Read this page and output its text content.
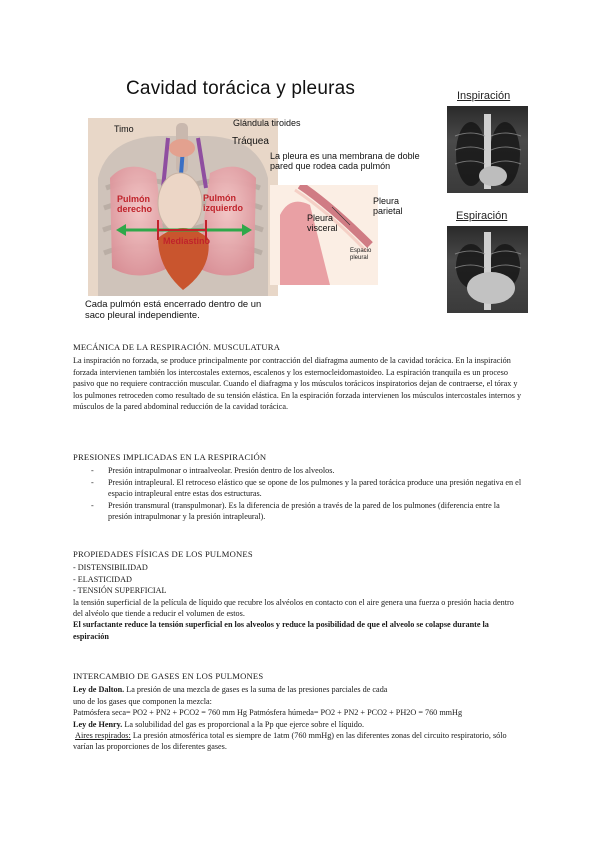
Cavidad torácica y pleuras
Timo
Glándula tiroides
Tráquea
Pulmón derecho
Pulmón izquierdo
Mediastino
La pleura es una membrana de doble pared que rodea cada pulmón
Pleura parietal
Pleura visceral
Espacio pleural
Cada pulmón está encerrado dentro de un saco pleural independiente.
Inspiración
Espiración
MECÁNICA DE LA RESPIRACIÓN. MUSCULATURA

La inspiración no forzada, se produce principalmente por contracción del diafragma aumento de la cavidad torácica. En la inspiración forzada intervienen también los intercostales externos, escalenos y los esternocleidomastoideo. La espiración tranquila es un proceso pasivo que no requiere contracción muscular. Cuando el diafragma y los músculos torácicos inspiratorios dejan de contraerse, el tórax y los pulmones retroceden como resultado de su tensión elástica. En la espiración forzada intervienen los músculos intercostales internos y músculos de la pared abdominal reducción de la cavidad torácica.

PRESIONES IMPLICADAS EN LA RESPIRACIÓN
- Presión intrapulmonar o intraalveolar. Presión dentro de los alveolos.
- Presión intrapleural. El retroceso elástico que se opone de los pulmones y la pared torácica produce una presión negativa en el espacio intrapleural entre estas dos estructuras.
- Presión transmural (transpulmonar). Es la diferencia de presión a través de la pared de los pulmones (diferencia entre la presión intrapulmonar y la presión intrapleural).
PROPIEDADES FÍSICAS DE LOS PULMONES

- DISTENSIBILIDAD

- ELASTICIDAD

- TENSIÓN SUPERFICIAL

la tensión superficial de la película de líquido que recubre los alvéolos en contacto con el aire genera una fuerza o presión hacia dentro del alvéolo que tiende a reducir el volumen de estos.

El surfactante reduce la tensión superficial en los alveolos y reduce la posibilidad de que el alveolo se colapse durante la espiración

INTERCAMBIO DE GASES EN LOS PULMONES

Ley de Dalton. La presión de una mezcla de gases es la suma de las presiones parciales de cada

uno de los gases que componen la mezcla:

Patmósfera seca= PO2 + PN2 + PCO2 = 760 mm Hg Patmósfera húmeda= PO2 + PN2 + PCO2 + PH2O = 760 mmHg

Ley de Henry. La solubilidad del gas es proporcional a la Pp que ejerce sobre el líquido.

Aires respirados: La presión atmosférica total es siempre de 1atm (760 mmHg) en las diferentes zonas del circuito respiratorio, sólo varían las proporciones de los diferentes gases.
